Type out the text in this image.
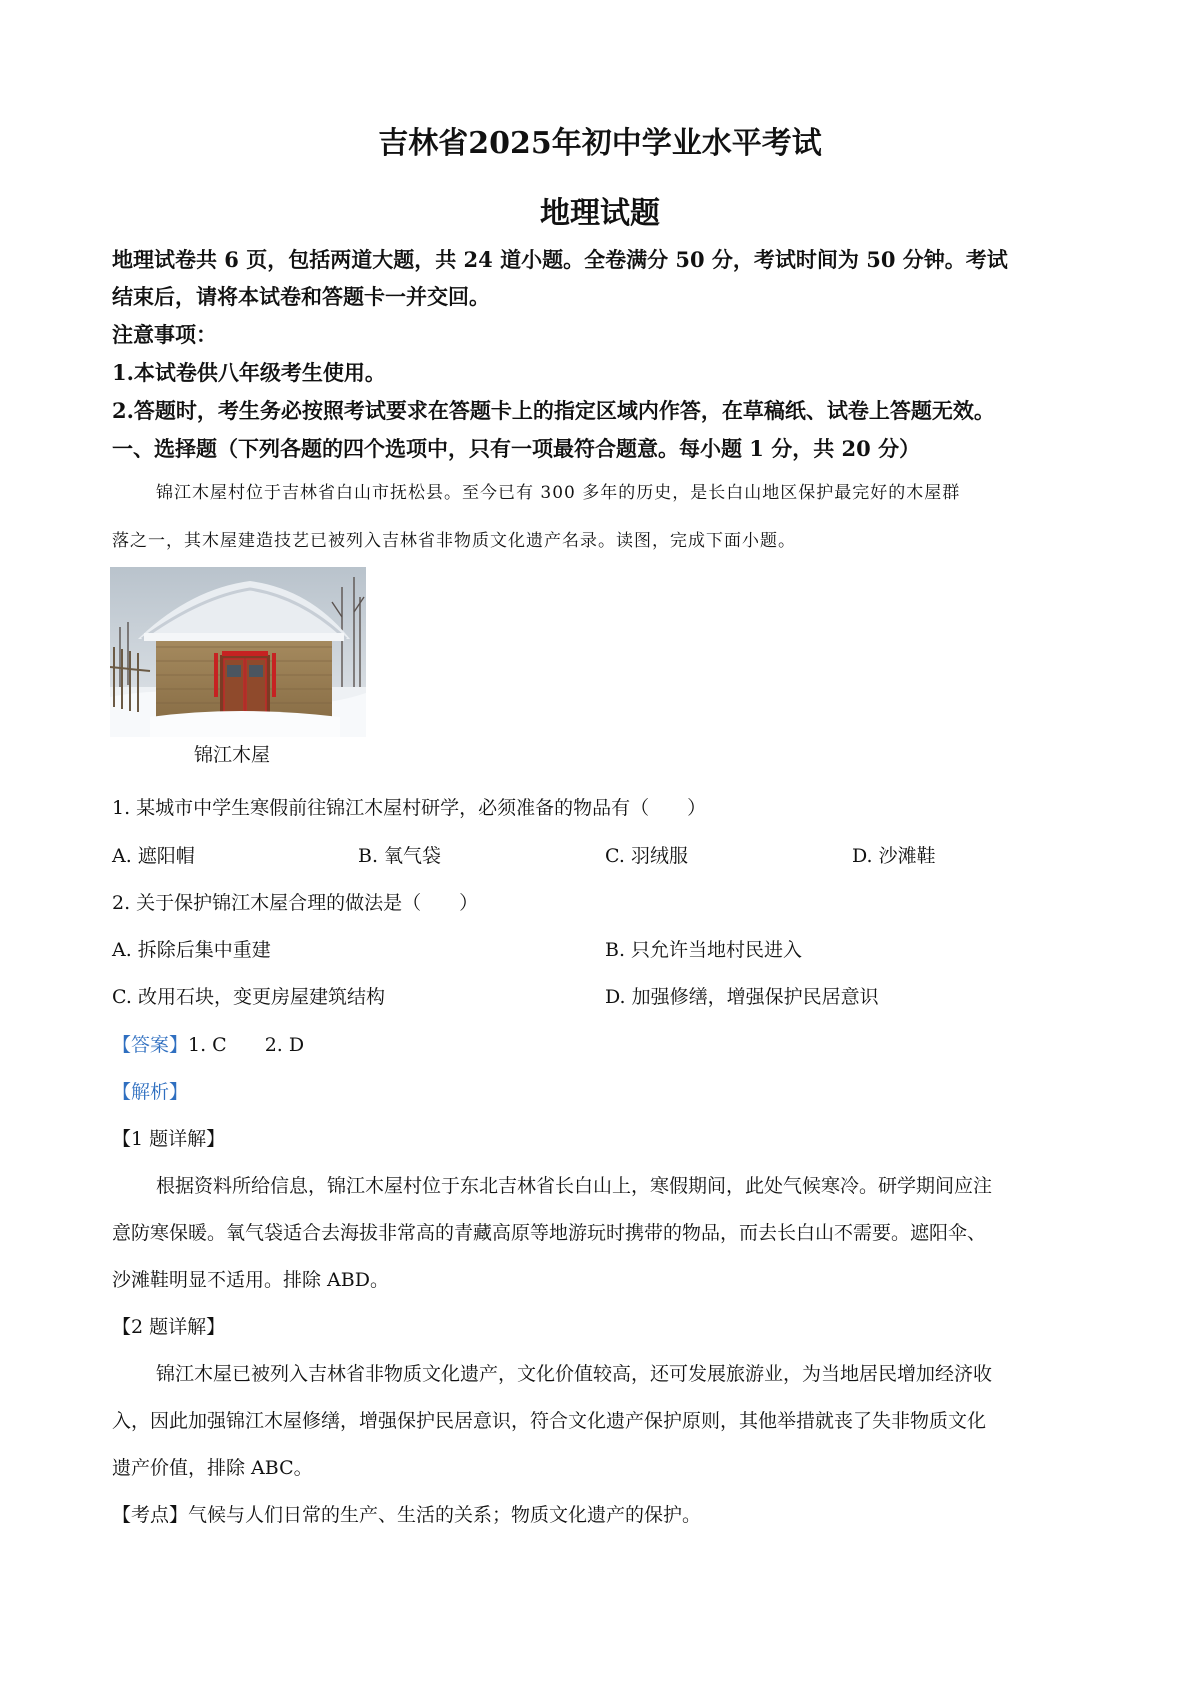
吉林省2025年初中学业水平考试
地理试题
地理试卷共 6 页，包括两道大题，共 24 道小题。全卷满分 50 分，考试时间为 50 分钟。考试
结束后，请将本试卷和答题卡一并交回。
注意事项：
1.本试卷供八年级考生使用。
2.答题时，考生务必按照考试要求在答题卡上的指定区域内作答，在草稿纸、试卷上答题无效。
一、选择题（下列各题的四个选项中，只有一项最符合题意。每小题 1 分，共 20 分）
锦江木屋村位于吉林省白山市抚松县。至今已有 300 多年的历史，是长白山地区保护最完好的木屋群
落之一，其木屋建造技艺已被列入吉林省非物质文化遗产名录。读图，完成下面小题。
锦江木屋
1. 某城市中学生寒假前往锦江木屋村研学，必须准备的物品有（　　）
A. 遮阳帽	B. 氧气袋	C. 羽绒服	D. 沙滩鞋
2. 关于保护锦江木屋合理的做法是（　　）
A. 拆除后集中重建	B. 只允许当地村民进入
C. 改用石块，变更房屋建筑结构	D. 加强修缮，增强保护民居意识
【答案】1. C　　2. D
【解析】
【1 题详解】
根据资料所给信息，锦江木屋村位于东北吉林省长白山上，寒假期间，此处气候寒冷。研学期间应注
意防寒保暖。氧气袋适合去海拔非常高的青藏高原等地游玩时携带的物品，而去长白山不需要。遮阳伞、
沙滩鞋明显不适用。排除 ABD。
【2 题详解】
锦江木屋已被列入吉林省非物质文化遗产，文化价值较高，还可发展旅游业，为当地居民增加经济收
入，因此加强锦江木屋修缮，增强保护民居意识，符合文化遗产保护原则，其他举措就丧了失非物质文化
遗产价值，排除 ABC。
【考点】气候与人们日常的生产、生活的关系；物质文化遗产的保护。
